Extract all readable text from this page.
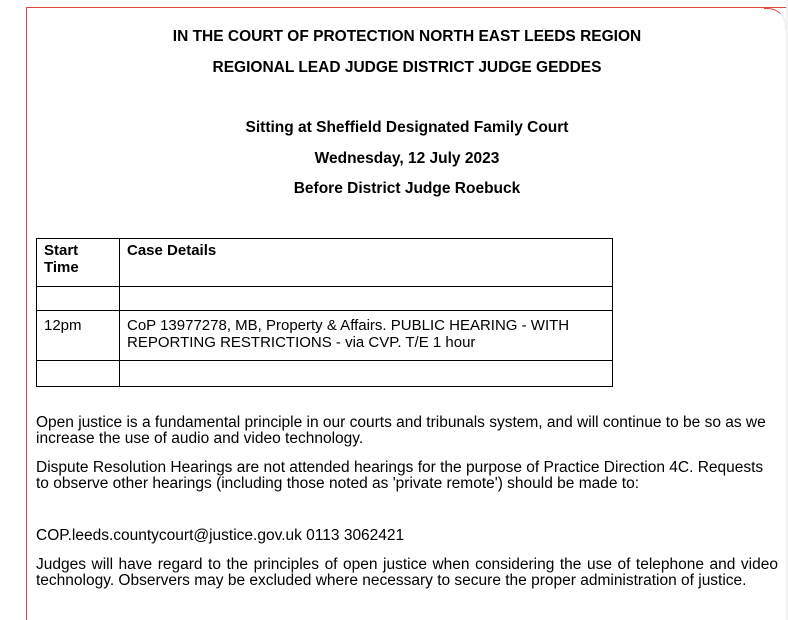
IN THE COURT OF PROTECTION NORTH EAST LEEDS REGION
REGIONAL LEAD JUDGE DISTRICT JUDGE GEDDES
Sitting at Sheffield Designated Family Court
Wednesday, 12 July 2023
Before District Judge Roebuck
Start Time	Case Details

12pm	CoP 13977278, MB, Property & Affairs. PUBLIC HEARING - WITH REPORTING RESTRICTIONS - via CVP. T/E 1 hour

Open justice is a fundamental principle in our courts and tribunals system, and will continue to be so as we increase the use of audio and video technology.

Dispute Resolution Hearings are not attended hearings for the purpose of Practice Direction 4C. Requests to observe other hearings (including those noted as 'private remote') should be made to:

COP.leeds.countycourt@justice.gov.uk 0113 3062421

Judges will have regard to the principles of open justice when considering the use of telephone and video technology. Observers may be excluded where necessary to secure the proper administration of justice.
